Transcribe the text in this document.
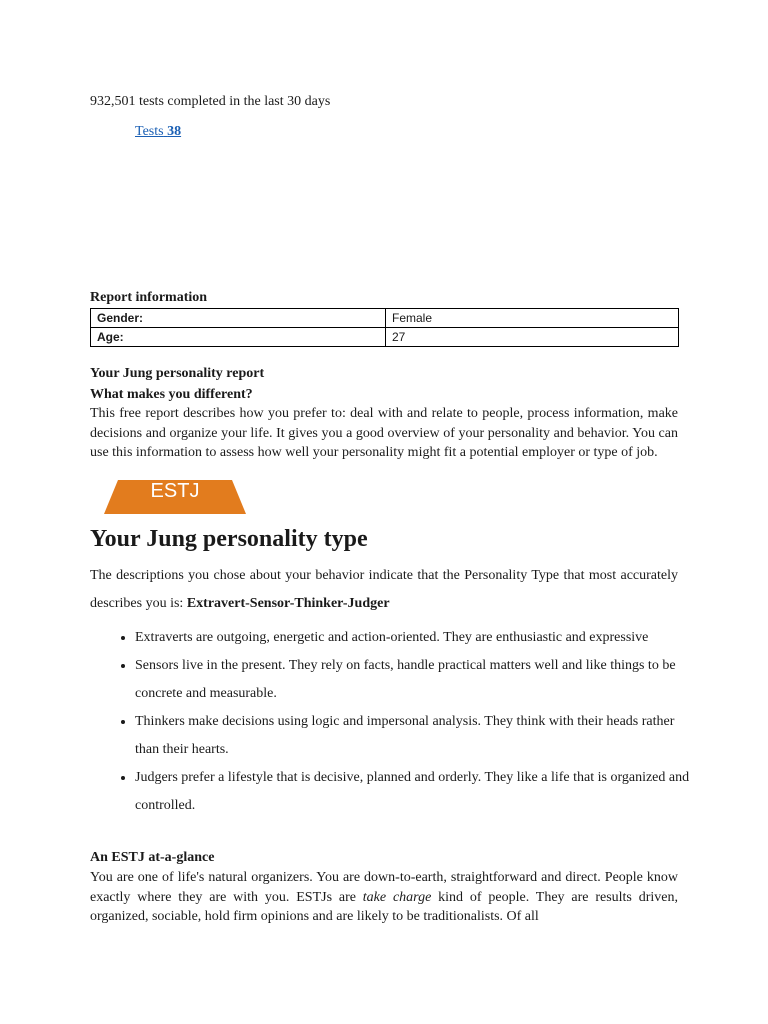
932,501 tests completed in the last 30 days
Tests 38
Report information
Gender:	Female
Age:	27
Your Jung personality report
What makes you different?
This free report describes how you prefer to: deal with and relate to people, process information, make decisions and organize your life. It gives you a good overview of your personality and behavior. You can use this information to assess how well your personality might fit a potential employer or type of job.
ESTJ
Your Jung personality type
The descriptions you chose about your behavior indicate that the Personality Type that most accurately describes you is: Extravert-Sensor-Thinker-Judger
• Extraverts are outgoing, energetic and action-oriented. They are enthusiastic and expressive
• Sensors live in the present. They rely on facts, handle practical matters well and like things to be concrete and measurable.
• Thinkers make decisions using logic and impersonal analysis. They think with their heads rather than their hearts.
• Judgers prefer a lifestyle that is decisive, planned and orderly. They like a life that is organized and controlled.
An ESTJ at-a-glance
You are one of life's natural organizers. You are down-to-earth, straightforward and direct. People know exactly where they are with you. ESTJs are take charge kind of people. They are results driven, organized, sociable, hold firm opinions and are likely to be traditionalists. Of all
